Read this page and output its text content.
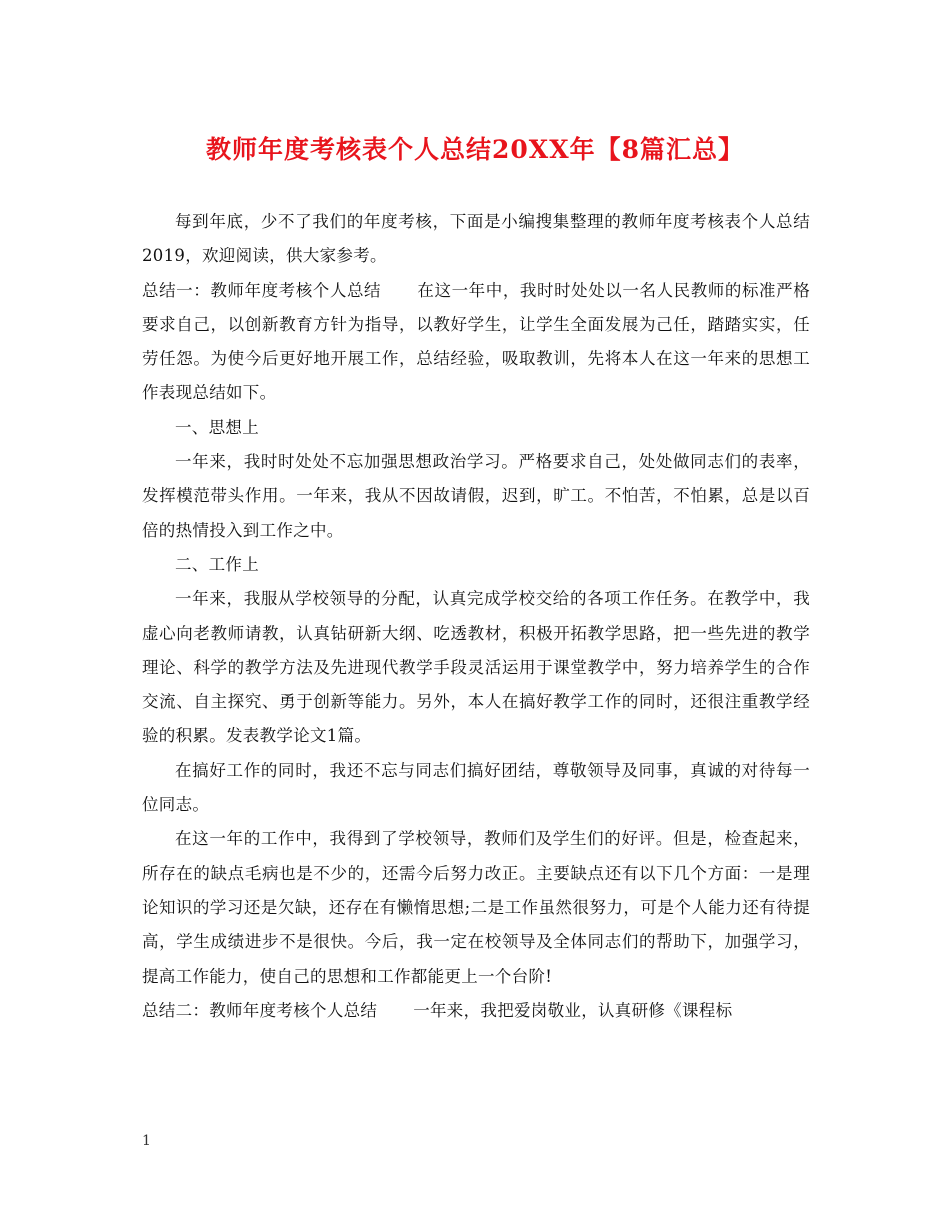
教师年度考核表个人总结20XX年【8篇汇总】

每到年底，少不了我们的年度考核，下面是小编搜集整理的教师年度考核表个人总结2019，欢迎阅读，供大家参考。

总结一：教师年度考核个人总结 在这一年中，我时时处处以一名人民教师的标准严格要求自己，以创新教育方针为指导，以教好学生，让学生全面发展为己任，踏踏实实，任劳任怨。为使今后更好地开展工作，总结经验，吸取教训，先将本人在这一年来的思想工作表现总结如下。

一、思想上

一年来，我时时处处不忘加强思想政治学习。严格要求自己，处处做同志们的表率，发挥模范带头作用。一年来，我从不因故请假，迟到，旷工。不怕苦，不怕累，总是以百倍的热情投入到工作之中。

二、工作上

一年来，我服从学校领导的分配，认真完成学校交给的各项工作任务。在教学中，我虚心向老教师请教，认真钻研新大纲、吃透教材，积极开拓教学思路，把一些先进的教学理论、科学的教学方法及先进现代教学手段灵活运用于课堂教学中，努力培养学生的合作交流、自主探究、勇于创新等能力。另外，本人在搞好教学工作的同时，还很注重教学经验的积累。发表教学论文1篇。

在搞好工作的同时，我还不忘与同志们搞好团结，尊敬领导及同事，真诚的对待每一位同志。

在这一年的工作中，我得到了学校领导，教师们及学生们的好评。但是，检查起来，所存在的缺点毛病也是不少的，还需今后努力改正。主要缺点还有以下几个方面：一是理论知识的学习还是欠缺，还存在有懒惰思想;二是工作虽然很努力，可是个人能力还有待提高，学生成绩进步不是很快。今后，我一定在校领导及全体同志们的帮助下，加强学习，提高工作能力，使自己的思想和工作都能更上一个台阶!

总结二：教师年度考核个人总结 一年来，我把爱岗敬业，认真研修《课程标

1
